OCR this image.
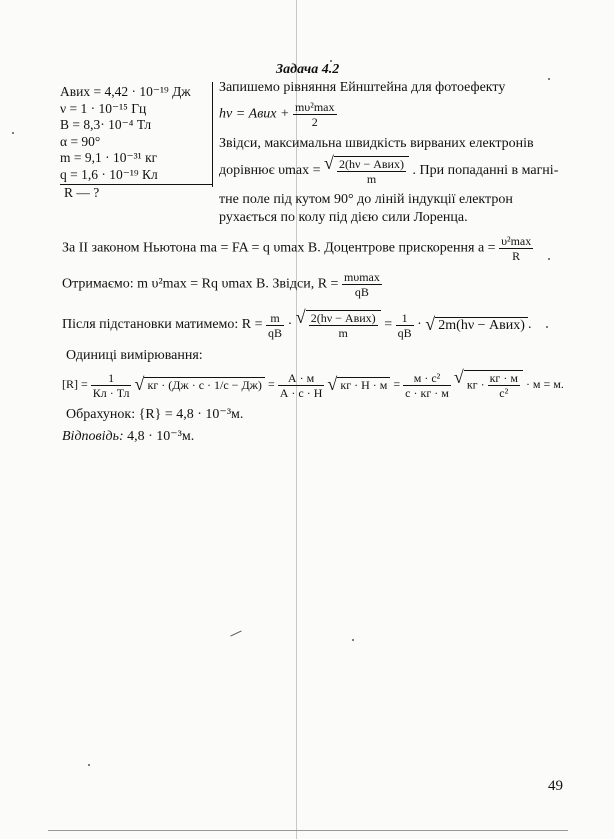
Задача 4.2
Aвих = 4,42 · 10⁻¹⁹ Дж
ν = 1 · 10⁻¹⁵ Гц
B = 8,3· 10⁻⁴ Тл
α = 90°
m = 9,1 · 10⁻³¹ кг
q = 1,6 · 10⁻¹⁹ Кл
R — ?
Запишемо рівняння Ейнштейна для фотоефекту
hν = Aвих + $\frac{\text{mυ²max}}{2}$
Звідси, максимальна швидкість вирваних електронів
дорівнює υmax = √ $\frac{\text{2(hν − Aвих)}}{m}$ . При попаданні в магні-
тне поле під кутом 90° до ліній індукції електрон
рухається по колу під дією сили Лоренца.
За II законом Ньютона ma = FA = q υmax B. Доцентрове прискорення $a = \frac{\text{υ²max}}{R}$
Отримаємо: m υ²max = Rq υmax B. Звідси, $R = \frac{m\upsilon\max}{qB}$
Після підстановки матимемо: $R = \frac{m}{qB}$ · √ $\frac{\text{2(hν − Aвих)}}{m} = \frac{1}{qB}$ · √ 2m(hν − Aвих) .
Одиниці вимірювання:
$[R] = \frac{1}{Кл \cdot Тл}$ √ кг · $(Дж \cdot с \cdot 1/с - Дж) = \frac{А \cdot м}{А \cdot с \cdot Н}$ √ кг · $Н \cdot м = \frac{\text{м · с²}}{с \cdot кг \cdot м}$ √ кг · $\frac{кг \cdot м}{\text{с²}} \cdot м = м$.
Обрахунок: {R} = 4,8 · 10⁻³м.
Відповідь: 4,8 · 10⁻³м.
49
